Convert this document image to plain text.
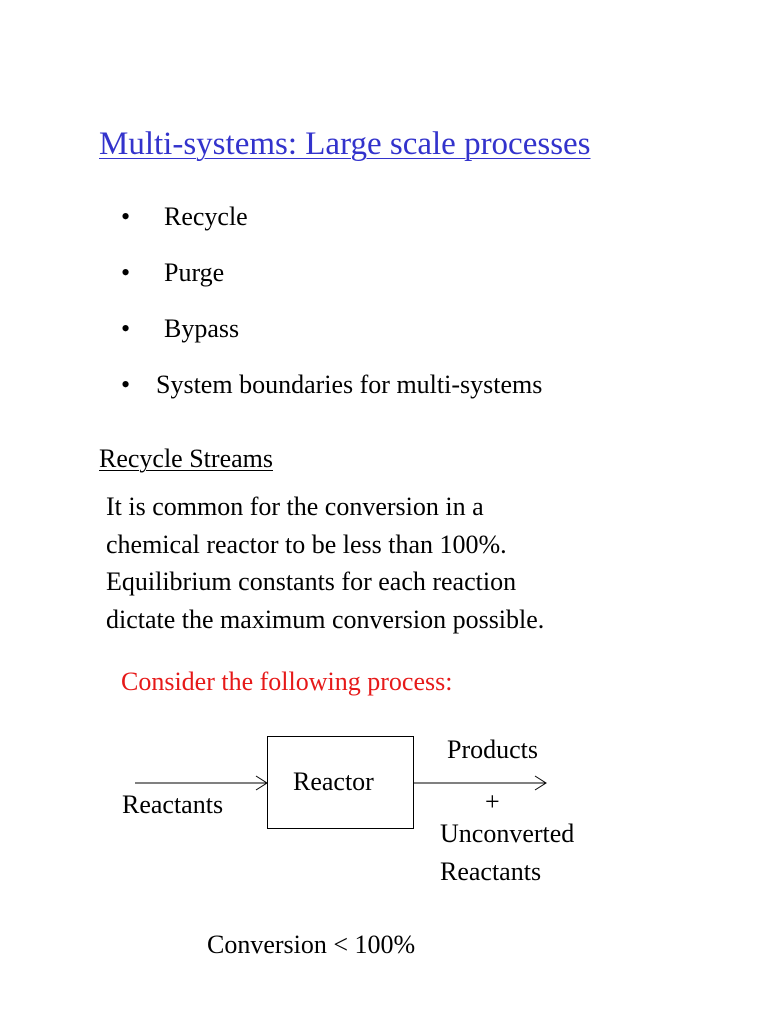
Multi-systems: Large scale processes
• Recycle
• Purge
• Bypass
• System boundaries for multi-systems
Recycle Streams
It is common for the conversion in a
chemical reactor to be less than 100%.
Equilibrium constants for each reaction
dictate the maximum conversion possible.
Consider the following process:
Reactor
Reactants
Products
+
Unconverted
Reactants
Conversion < 100%
